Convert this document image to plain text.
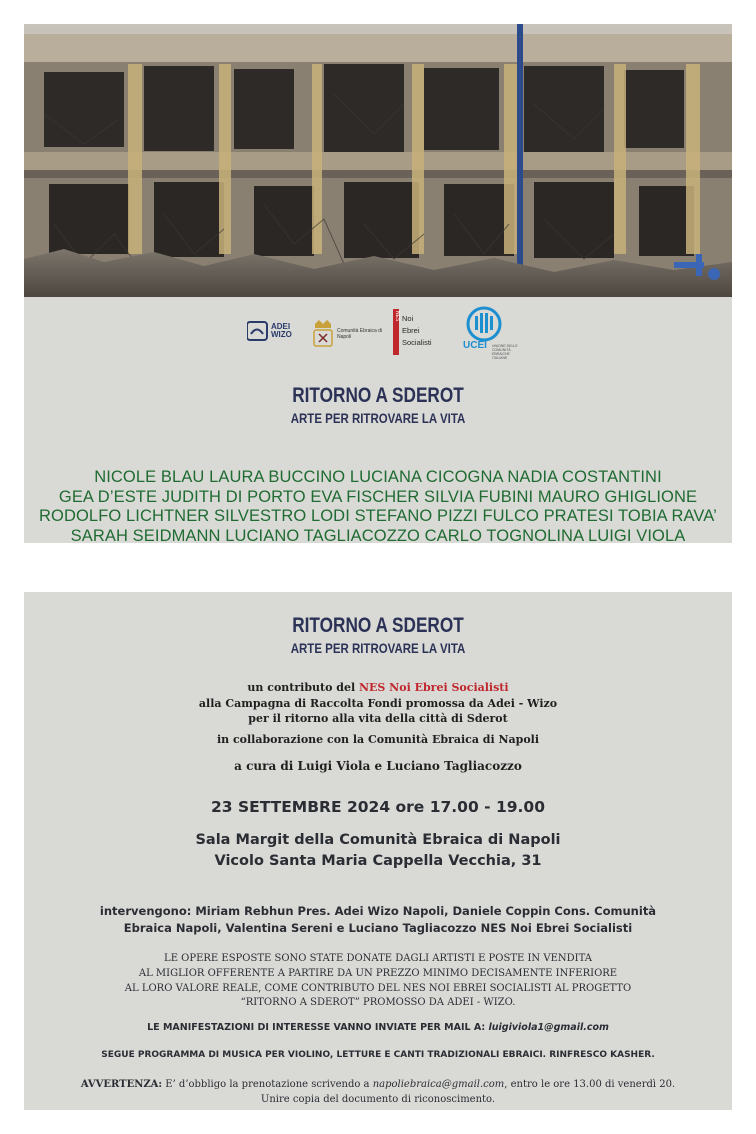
ADEI WIZO	Comunità Ebraica di Napoli
NES Noi
Ebrei
Socialisti	UCEI UNIONE DELLE COMUNITÀ EBRAICHE ITALIANE
RITORNO A SDEROT
ARTE PER RITROVARE LA VITA
NICOLE BLAU LAURA BUCCINO LUCIANA CICOGNA NADIA COSTANTINI
GEA D’ESTE JUDITH DI PORTO EVA FISCHER SILVIA FUBINI MAURO GHIGLIONE
RODOLFO LICHTNER SILVESTRO LODI STEFANO PIZZI FULCO PRATESI TOBIA RAVA’
SARAH SEIDMANN LUCIANO TAGLIACOZZO CARLO TOGNOLINA LUIGI VIOLA
RITORNO A SDEROT
ARTE PER RITROVARE LA VITA
un contributo del NES Noi Ebrei Socialisti
alla Campagna di Raccolta Fondi promossa da Adei - Wizo
per il ritorno alla vita della città di Sderot
in collaborazione con la Comunità Ebraica di Napoli
a cura di Luigi Viola e Luciano Tagliacozzo
23 SETTEMBRE 2024 ore 17.00 - 19.00
Sala Margit della Comunità Ebraica di Napoli
Vicolo Santa Maria Cappella Vecchia, 31
intervengono: Miriam Rebhun Pres. Adei Wizo Napoli, Daniele Coppin Cons. Comunità
Ebraica Napoli, Valentina Sereni e Luciano Tagliacozzo NES Noi Ebrei Socialisti
LE OPERE ESPOSTE SONO STATE DONATE DAGLI ARTISTI E POSTE IN VENDITA
AL MIGLIOR OFFERENTE A PARTIRE DA UN PREZZO MINIMO DECISAMENTE INFERIORE
AL LORO VALORE REALE, COME CONTRIBUTO DEL NES NOI EBREI SOCIALISTI AL PROGETTO
“RITORNO A SDEROT” PROMOSSO DA ADEI - WIZO.
LE MANIFESTAZIONI DI INTERESSE VANNO INVIATE PER MAIL A: luigiviola1@gmail.com
SEGUE PROGRAMMA DI MUSICA PER VIOLINO, LETTURE E CANTI TRADIZIONALI EBRAICI. RINFRESCO KASHER.
AVVERTENZA: E’ d’obbligo la prenotazione scrivendo a napoliebraica@gmail.com, entro le ore 13.00 di venerdì 20.
Unire copia del documento di riconoscimento.
